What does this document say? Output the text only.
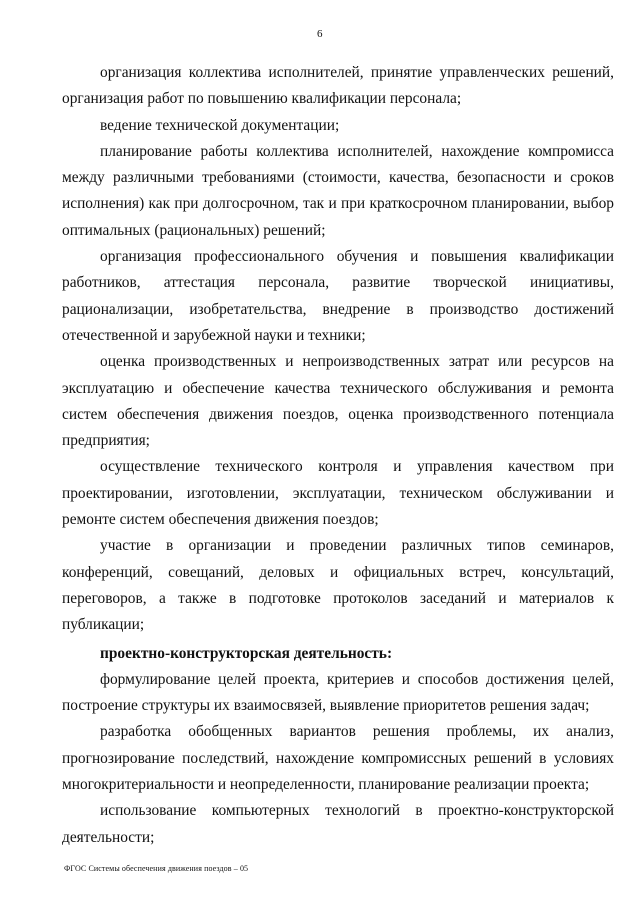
6

организация коллектива исполнителей, принятие управленческих решений, организация работ по повышению квалификации персонала;

ведение технической документации;

планирование работы коллектива исполнителей, нахождение компромисса между различными требованиями (стоимости, качества, безопасности и сроков исполнения) как при долгосрочном, так и при краткосрочном планировании, выбор оптимальных (рациональных) решений;

организация профессионального обучения и повышения квалификации работников, аттестация персонала, развитие творческой инициативы, рационализации, изобретательства, внедрение в производство достижений отечественной и зарубежной науки и техники;

оценка производственных и непроизводственных затрат или ресурсов на эксплуатацию и обеспечение качества технического обслуживания и ремонта систем обеспечения движения поездов, оценка производственного потенциала предприятия;

осуществление технического контроля и управления качеством при проектировании, изготовлении, эксплуатации, техническом обслуживании и ремонте систем обеспечения движения поездов;

участие в организации и проведении различных типов семинаров, конференций, совещаний, деловых и официальных встреч, консультаций, переговоров, а также в подготовке протоколов заседаний и материалов к публикации;

проектно-конструкторская деятельность:

формулирование целей проекта, критериев и способов достижения целей, построение структуры их взаимосвязей, выявление приоритетов решения задач;

разработка обобщенных вариантов решения проблемы, их анализ, прогнозирование последствий, нахождение компромиссных решений в условиях многокритериальности и неопределенности, планирование реализации проекта;

использование компьютерных технологий в проектно-конструкторской деятельности;

ФГОС Системы обеспечения движения поездов – 05
